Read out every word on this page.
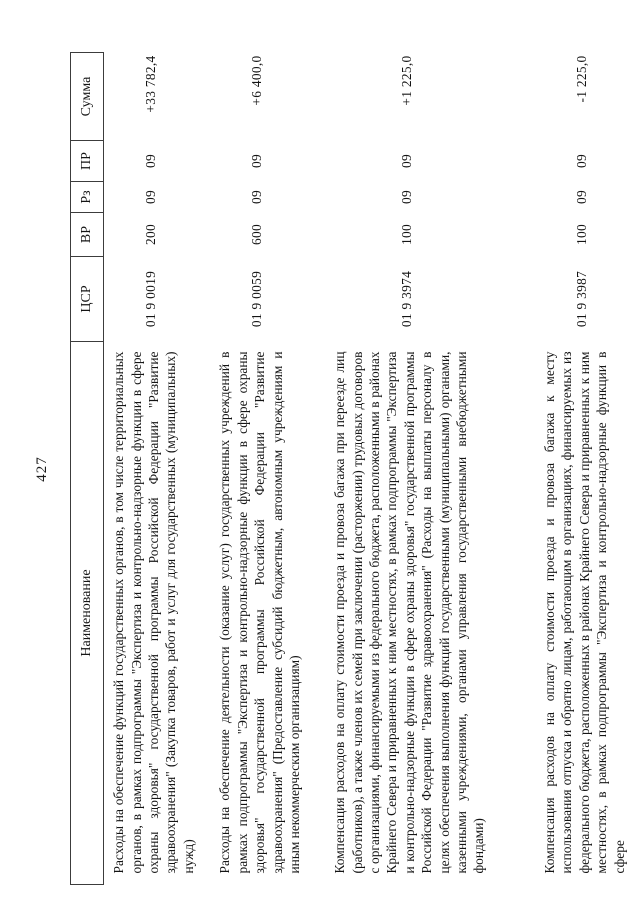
427
Наименование	ЦСР	ВР	Рз	ПР	Сумма
Расходы на обеспечение функций государственных органов, в том числе территориальных органов, в рамках подпрограммы "Экспертиза и контрольно-надзорные функции в сфере охраны здоровья" государственной программы Российской Федерации "Развитие здравоохранения" (Закупка товаров, работ и услуг для государственных (муниципальных) нужд)	01 9 0019	200	09	09	+33 782,4
Расходы на обеспечение деятельности (оказание услуг) государственных учреждений в рамках подпрограммы "Экспертиза и контрольно-надзорные функции в сфере охраны здоровья" государственной программы Российской Федерации "Развитие здравоохранения" (Предоставление субсидий бюджетным, автономным учреждениям и иным некоммерческим организациям)	01 9 0059	600	09	09	+6 400,0
Компенсация расходов на оплату стоимости проезда и провоза багажа при переезде лиц (работников), а также членов их семей при заключении (расторжении) трудовых договоров с организациями, финансируемыми из федерального бюджета, расположенными в районах Крайнего Севера и приравненных к ним местностях, в рамках подпрограммы "Экспертиза и контрольно-надзорные функции в сфере охраны здоровья" государственной программы Российской Федерации "Развитие здравоохранения" (Расходы на выплаты персоналу в целях обеспечения выполнения функций государственными (муниципальными) органами, казенными учреждениями, органами управления государственными внебюджетными фондами)	01 9 3974	100	09	09	+1 225,0
Компенсация расходов на оплату стоимости проезда и провоза багажа к месту использования отпуска и обратно лицам, работающим в организациях, финансируемых из федерального бюджета, расположенных в районах Крайнего Севера и приравненных к ним местностях, в рамках подпрограммы "Экспертиза и контрольно-надзорные функции в сфере	01 9 3987	100	09	09	-1 225,0
